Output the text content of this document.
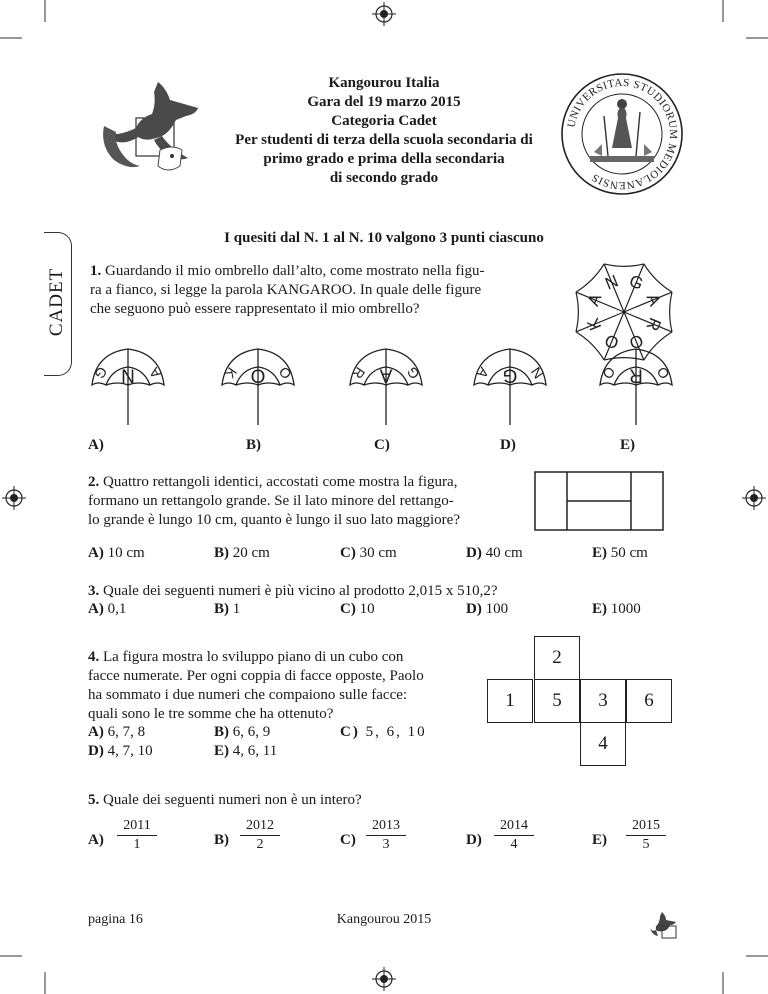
Kangourou Italia
Gara del 19 marzo 2015
Categoria Cadet
Per studenti di terza della scuola secondaria di
primo grado e prima della secondaria
di secondo grado
UNIVERSITAS STUDIORUM MEDIOLANENSIS
I quesiti dal N. 1 al N. 10 valgono 3 punti ciascuno
CADET 1. Guardando il mio ombrello dall’alto, come mostrato nella figu-
ra a fianco, si legge la parola KANGAROO. In quale delle figure
che seguono può essere rappresentato il mio ombrello?
G
A
R
O
O
K
A
N
G N A	K O O	R A G	A G N	O R O
A)	B)	C)	D)	E)
2. Quattro rettangoli identici, accostati come mostra la figura,
formano un rettangolo grande. Se il lato minore del rettango-
lo grande è lungo 10 cm, quanto è lungo il suo lato maggiore?
A) 10 cm	B) 20 cm	C) 30 cm	D) 40 cm	E) 50 cm
3. Quale dei seguenti numeri è più vicino al prodotto 2,015 x 510,2?
A) 0,1	B) 1	C) 10	D) 100	E) 1000
4. La figura mostra lo sviluppo piano di un cubo con
facce numerate. Per ogni coppia di facce opposte, Paolo
ha sommato i due numeri che compaiono sulle facce:
quali sono le tre somme che ha ottenuto?
A) 6, 7, 8	B) 6, 6, 9	C) 5, 6, 10
D) 4, 7, 10	E) 4, 6, 11
2
1	5	3	6
4
5. Quale dei seguenti numeri non è un intero?
$A) \frac{2011}{1}$	$B) \frac{2012}{2}$	$C) \frac{2013}{3}$	$D) \frac{2014}{4}$	$E) \frac{2015}{5}$
pagina 16	Kangourou 2015
